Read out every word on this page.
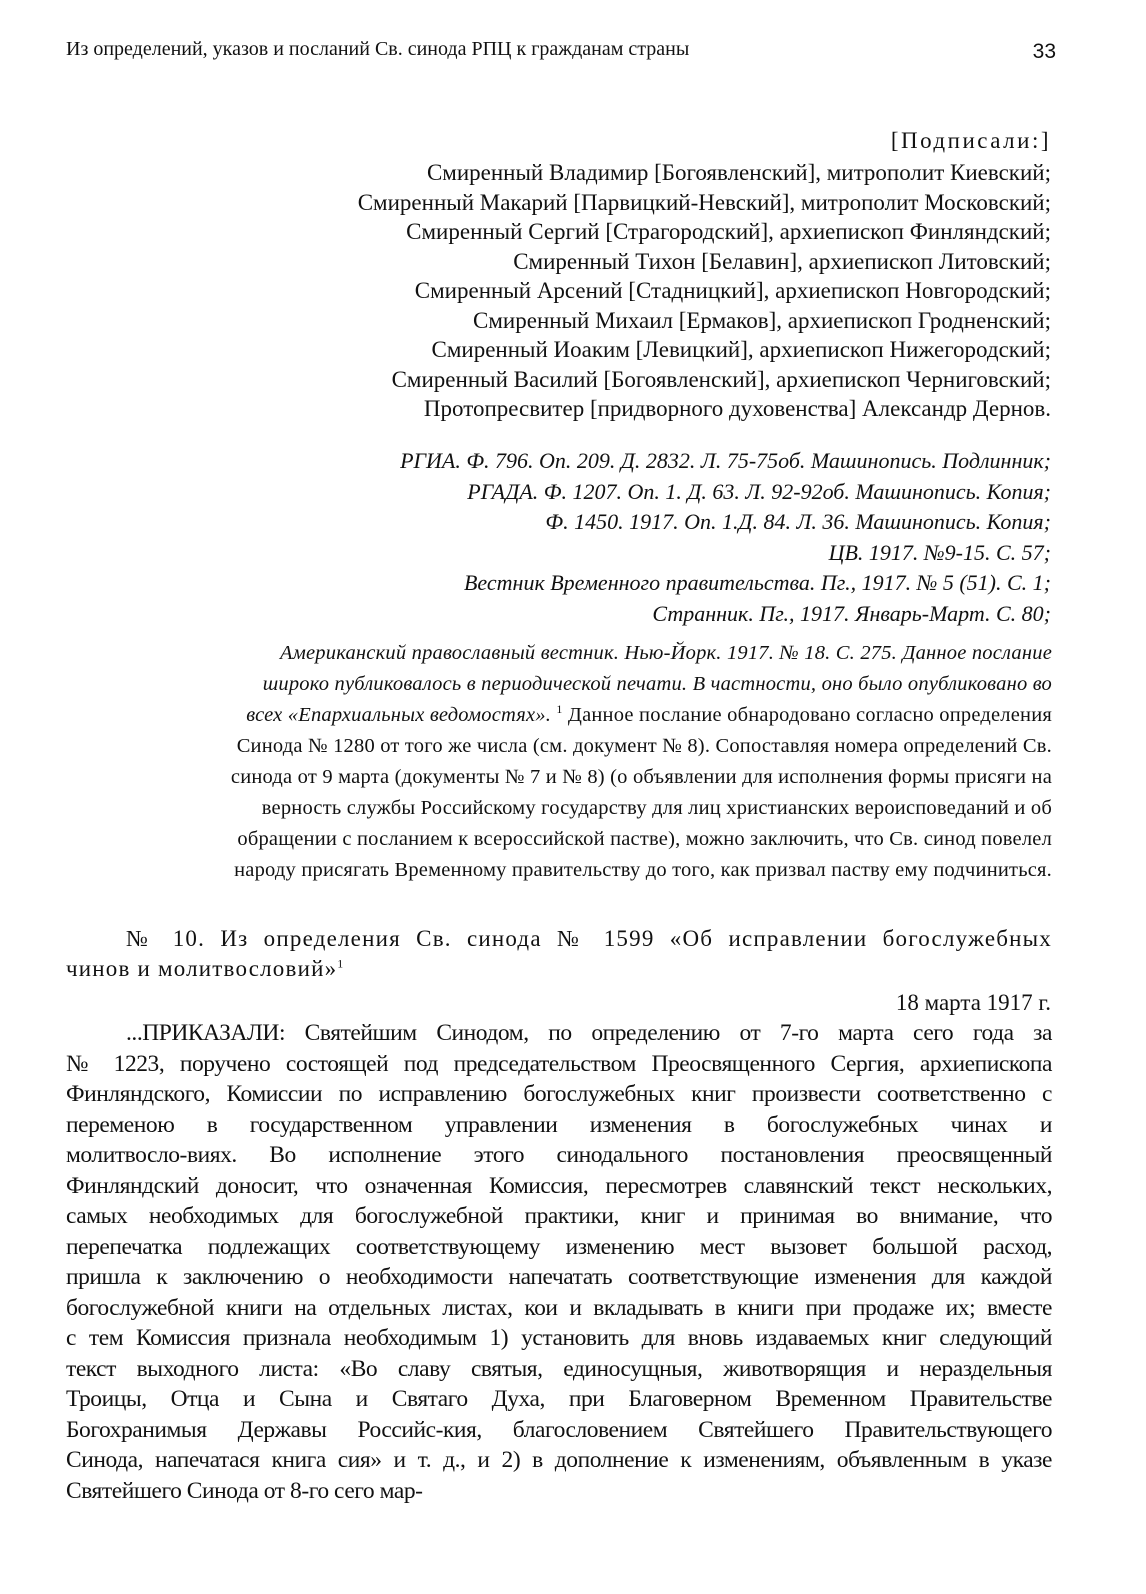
Из определений, указов и посланий Св. синода РПЦ к гражданам страны	33
[Подписали:]
Смиренный Владимир [Богоявленский], митрополит Киевский;
Смиренный Макарий [Парвицкий-Невский], митрополит Московский;
Смиренный Сергий [Страгородский], архиепископ Финляндский;
Смиренный Тихон [Белавин], архиепископ Литовский;
Смиренный Арсений [Стадницкий], архиепископ Новгородский;
Смиренный Михаил [Ермаков], архиепископ Гродненский;
Смиренный Иоаким [Левицкий], архиепископ Нижегородский;
Смиренный Василий [Богоявленский], архиепископ Черниговский;
Протопресвитер [придворного духовенства] Александр Дернов.
РГИА. Ф. 796. Оп. 209. Д. 2832. Л. 75-75об. Машинопись. Подлинник;
РГАДА. Ф. 1207. Оп. 1. Д. 63. Л. 92-92об. Машинопись. Копия;
Ф. 1450. 1917. Оп. 1.Д. 84. Л. 36. Машинопись. Копия;
ЦВ. 1917. №9-15. С. 57;
Вестник Временного правительства. Пг., 1917. № 5 (51). С. 1;
Странник. Пг., 1917. Январь-Март. С. 80;
Американский православный вестник. Нью-Йорк. 1917. № 18. С. 275. Данное послание
широко публиковалось в периодической печати. В частности, оно было опубликовано во
всех «Епархиальных ведомостях». $^1$ Данное послание обнародовано согласно определения
Синода № 1280 от того же числа (см. документ № 8). Сопоставляя номера определений Св.
синода от 9 марта (документы № 7 и № 8) (о объявлении для исполнения формы присяги на
верность службы Российскому государству для лиц христианских вероисповеданий и об
обращении с посланием к всероссийской пастве), можно заключить, что Св. синод повелел
народу присягать Временному правительству до того, как призвал паству ему подчиниться.
№ 10. Из определения Св. синода № 1599 «Об исправлении богослужебных
чинов и молитвословий»$^1$
18 марта 1917 г.
...ПРИКАЗАЛИ: Святейшим Синодом, по определению от 7-го марта сего года за
№ 1223, поручено состоящей под председательством Преосвященного Сергия, архиепископа
Финляндского, Комиссии по исправлению богослужебных книг произвести соответственно с
переменою в государственном управлении изменения в богослужебных чинах и
молитвосло-виях. Во исполнение этого синодального постановления преосвященный
Финляндский доносит, что означенная Комиссия, пересмотрев славянский текст нескольких,
самых необходимых для богослужебной практики, книг и принимая во внимание, что
перепечатка подлежащих соответствующему изменению мест вызовет большой расход,
пришла к заключению о необходимости напечатать соответствующие изменения для каждой
богослужебной книги на отдельных листах, кои и вкладывать в книги при продаже их; вместе
с тем Комиссия признала необходимым 1) установить для вновь издаваемых книг следующий
текст выходного листа: «Во славу святыя, единосущныя, животворящия и нераздельныя
Троицы, Отца и Сына и Святаго Духа, при Благоверном Временном Правительстве
Богохранимыя Державы Российс-кия, благословением Святейшего Правительствующего
Синода, напечатася книга сия» и т. д., и 2) в дополнение к изменениям, объявленным в указе
Святейшего Синода от 8-го сего мар-
